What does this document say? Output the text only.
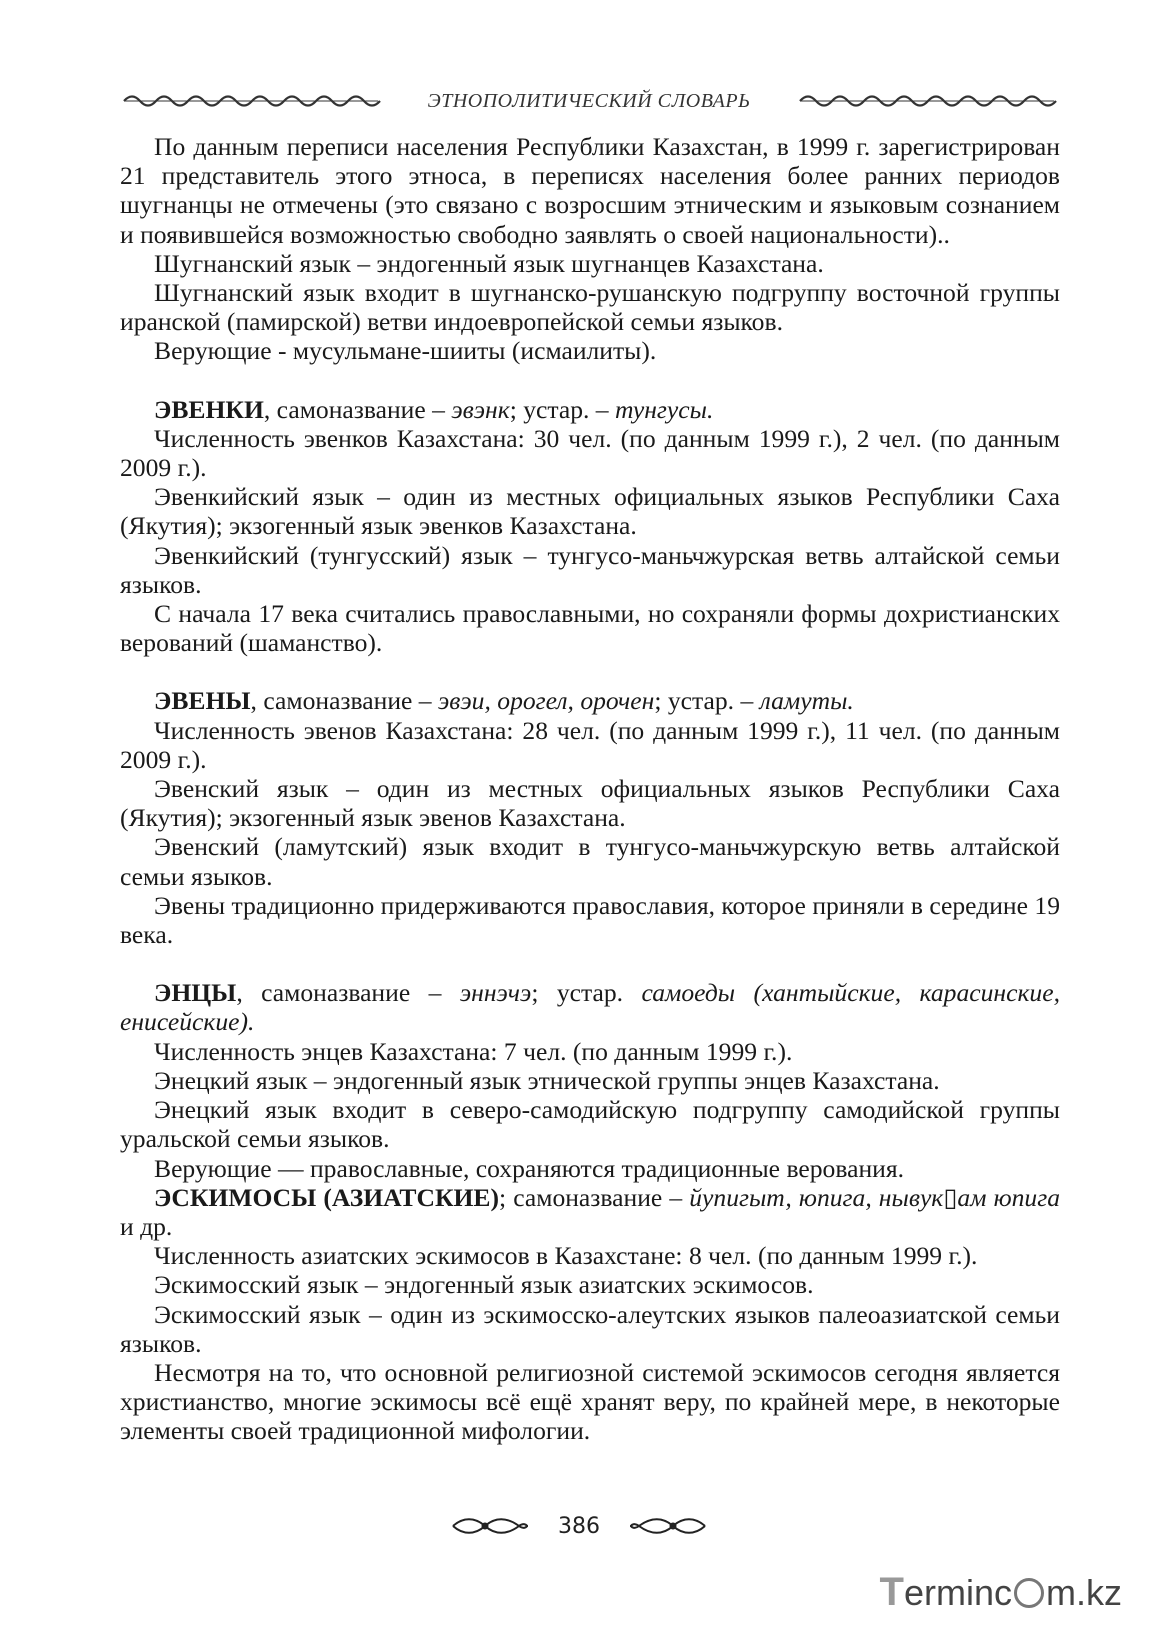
ЭТНОПОЛИТИЧЕСКИЙ СЛОВАРЬ

По данным переписи населения Республики Казахстан, в 1999 г. зарегистрирован 21 представитель этого этноса, в переписях населения более ранних периодов шугнанцы не отмечены (это связано с возросшим этническим и языковым сознанием и появившейся возможностью свободно заявлять о своей национальности)..

Шугнанский язык – эндогенный язык шугнанцев Казахстана.

Шугнанский язык входит в шугнанско-рушанскую подгруппу восточной группы иранской (памирской) ветви индоевропейской семьи языков.

Верующие - мусульмане-шииты (исмаилиты).

ЭВЕНКИ, самоназвание – эвэнк; устар. – тунгусы.

Численность эвенков Казахстана: 30 чел. (по данным 1999 г.), 2 чел. (по данным 2009 г.).

Эвенкийский язык – один из местных официальных языков Республики Саха (Якутия); экзогенный язык эвенков Казахстана.

Эвенкийский (тунгусский) язык – тунгусо-маньчжурская ветвь алтайской семьи языков.

С начала 17 века считались православными, но сохраняли формы дохристианских верований (шаманство).

ЭВЕНЫ, самоназвание – эвэи, орогел, орочен; устар. – ламуты.

Численность эвенов Казахстана: 28 чел. (по данным 1999 г.), 11 чел. (по данным 2009 г.).

Эвенский язык – один из местных официальных языков Республики Саха (Якутия); экзогенный язык эвенов Казахстана.

Эвенский (ламутский) язык входит в тунгусо-маньчжурскую ветвь алтайской семьи языков.

Эвены традиционно придерживаются православия, которое приняли в середине 19 века.

ЭНЦЫ, самоназвание – эннэчэ; устар. самоеды (хантыйские, карасинские, енисейские).

Численность энцев Казахстана: 7 чел. (по данным 1999 г.).

Энецкий язык – эндогенный язык этнической группы энцев Казахстана.

Энецкий язык входит в северо-самодийскую подгруппу самодийской группы уральской семьи языков.

Верующие — православные, сохраняются традиционные верования.

ЭСКИМОСЫ (АЗИАТСКИЕ); самоназвание – йупигыт, юпига, нывук▯ам юпига и др.

Численность азиатских эскимосов в Казахстане: 8 чел. (по данным 1999 г.).

Эскимосский язык – эндогенный язык азиатских эскимосов.

Эскимосский язык – один из эскимосско-алеутских языков палеоазиатской семьи языков.

Несмотря на то, что основной религиозной системой эскимосов сегодня является христианство, многие эскимосы всё ещё хранят веру, по крайней мере, в некоторые элементы своей традиционной мифологии.

386
T erminc m.kz
